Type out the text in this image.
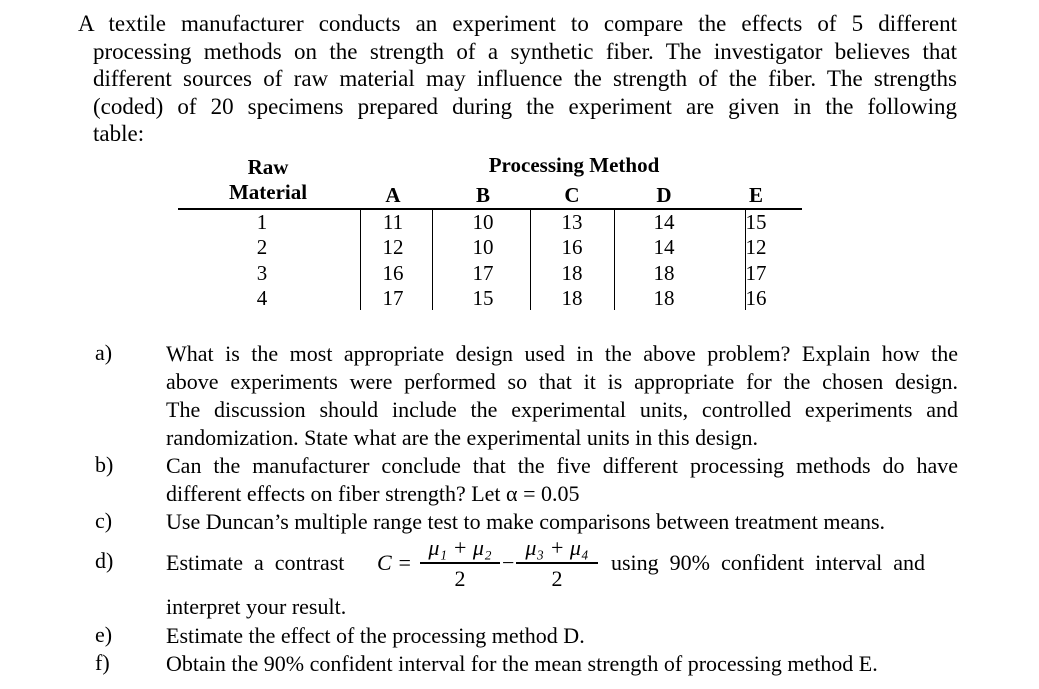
A textile manufacturer conducts an experiment to compare the effects of 5 different
processing methods on the strength of a synthetic fiber. The investigator believes that
different sources of raw material may influence the strength of the fiber. The strengths
(coded) of 20 specimens prepared during the experiment are given in the following
table:
Raw
Material
Processing Method
A	B	C	D	E
1	11	10	13	14	15
2	12	10	16	14	12
3	16	17	18	18	17
4	17	15	18	18	16
a) What is the most appropriate design used in the above problem? Explain how the
above experiments were performed so that it is appropriate for the chosen design.
The discussion should include the experimental units, controlled experiments and
randomization. State what are the experimental units in this design.
b) Can the manufacturer conclude that the five different processing methods do have
different effects on fiber strength? Let α = 0.05
c) Use Duncan’s multiple range test to make comparisons between treatment means.
d) Estimate  a  contrast C =
μ₁ + μ₂
2
−
μ₃ + μ₄
2
using  90%  confident  interval  and
interpret your result.
e) Estimate the effect of the processing method D.
f)	Obtain the 90% confident interval for the mean strength of processing method E.
